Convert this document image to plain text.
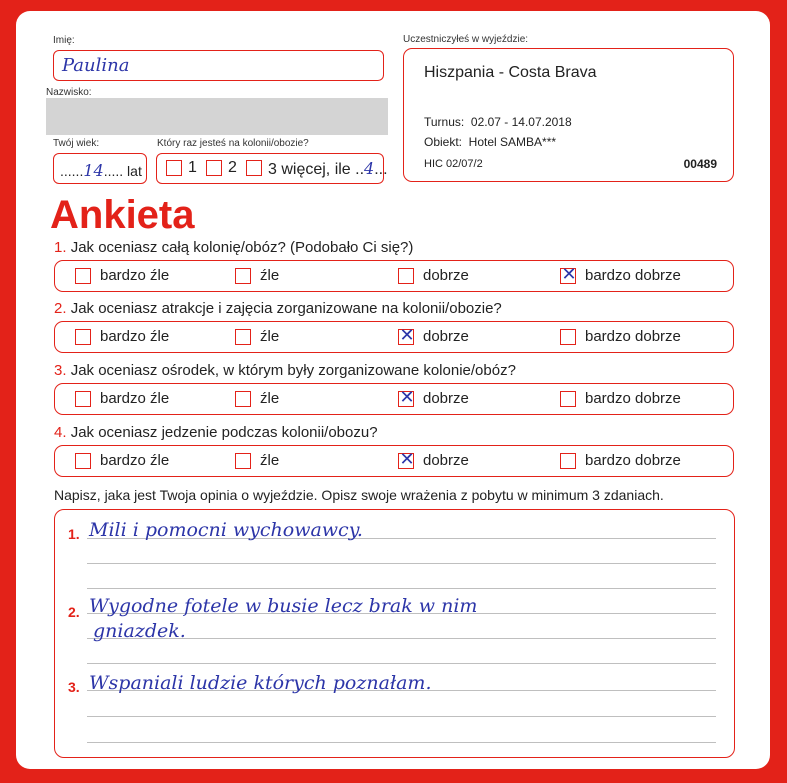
Imię:
Paulina
Nazwisko:
Twój wiek:
......14..... lat
Który raz jesteś na kolonii/obozie?
1 2 3 więcej, ile ..4...
Uczestniczyłeś w wyjeździe:
Hiszpania - Costa Brava
Turnus:  02.07 - 14.07.2018
Obiekt:  Hotel SAMBA***
HIC 02/07/2	00489
Ankieta
1. Jak oceniasz całą kolonię/obóz? (Podobało Ci się?)
bardzo źle	źle	dobrze	✕ bardzo dobrze
2. Jak oceniasz atrakcje i zajęcia zorganizowane na kolonii/obozie?
bardzo źle	źle	✕ dobrze	bardzo dobrze
3. Jak oceniasz ośrodek, w którym były zorganizowane kolonie/obóz?
bardzo źle	źle	✕ dobrze	bardzo dobrze
4. Jak oceniasz jedzenie podczas kolonii/obozu?
bardzo źle	źle	✕ dobrze	bardzo dobrze
Napisz, jaka jest Twoja opinia o wyjeździe. Opisz swoje wrażenia z pobytu w minimum 3 zdaniach.
1. Mili i pomocni wychowawcy.
2. Wygodne fotele w busie lecz brak w nim
gniazdek.
3. Wspaniali ludzie których poznałam.
